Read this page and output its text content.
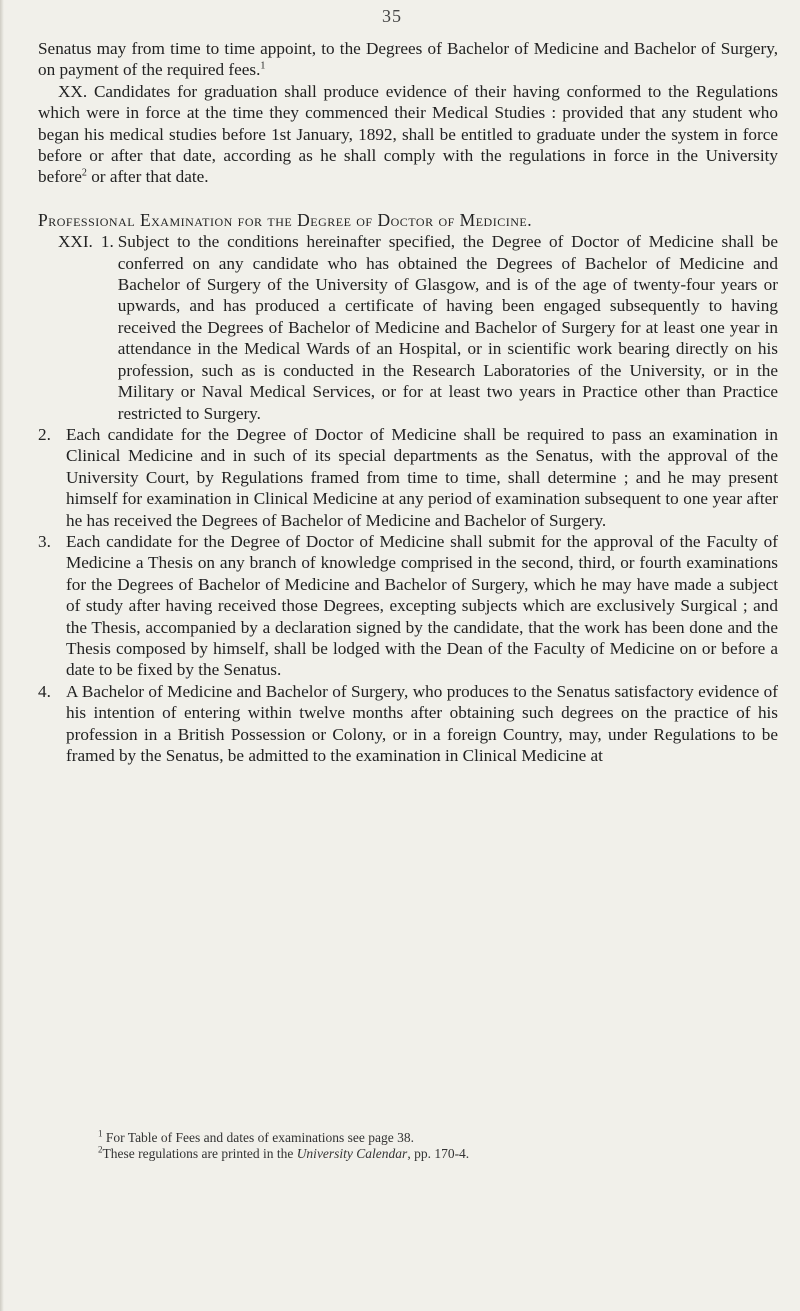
35

Senatus may from time to time appoint, to the Degrees of Bachelor of Medicine and Bachelor of Surgery, on payment of the required fees.$^1$

XX. Candidates for graduation shall produce evidence of their having conformed to the Regulations which were in force at the time they commenced their Medical Studies : provided that any student who began his medical studies before 1st January, 1892, shall be entitled to graduate under the system in force before or after that date, according as he shall comply with the regulations in force in the University before$^2$ or after that date.

Professional Examination for the Degree of Doctor of Medicine.

XXI. 1. Subject to the conditions hereinafter specified, the Degree of Doctor of Medicine shall be conferred on any candidate who has obtained the Degrees of Bachelor of Medicine and Bachelor of Surgery of the University of Glasgow, and is of the age of twenty-four years or upwards, and has produced a certificate of having been engaged subsequently to having received the Degrees of Bachelor of Medicine and Bachelor of Surgery for at least one year in attendance in the Medical Wards of an Hospital, or in scientific work bearing directly on his profession, such as is conducted in the Research Laboratories of the University, or in the Military or Naval Medical Services, or for at least two years in Practice other than Practice restricted to Surgery.
2. Each candidate for the Degree of Doctor of Medicine shall be required to pass an examination in Clinical Medicine and in such of its special departments as the Senatus, with the approval of the University Court, by Regulations framed from time to time, shall determine ; and he may present himself for examination in Clinical Medicine at any period of examination subsequent to one year after he has received the Degrees of Bachelor of Medicine and Bachelor of Surgery.
3. Each candidate for the Degree of Doctor of Medicine shall submit for the approval of the Faculty of Medicine a Thesis on any branch of knowledge comprised in the second, third, or fourth examinations for the Degrees of Bachelor of Medicine and Bachelor of Surgery, which he may have made a subject of study after having received those Degrees, excepting subjects which are exclusively Surgical ; and the Thesis, accompanied by a declaration signed by the candidate, that the work has been done and the Thesis composed by himself, shall be lodged with the Dean of the Faculty of Medicine on or before a date to be fixed by the Senatus.
4. A Bachelor of Medicine and Bachelor of Surgery, who produces to the Senatus satisfactory evidence of his intention of entering within twelve months after obtaining such degrees on the practice of his profession in a British Possession or Colony, or in a foreign Country, may, under Regulations to be framed by the Senatus, be admitted to the examination in Clinical Medicine at
$^1$ For Table of Fees and dates of examinations see page 38.
$^2$These regulations are printed in the University Calendar, pp. 170-4.
